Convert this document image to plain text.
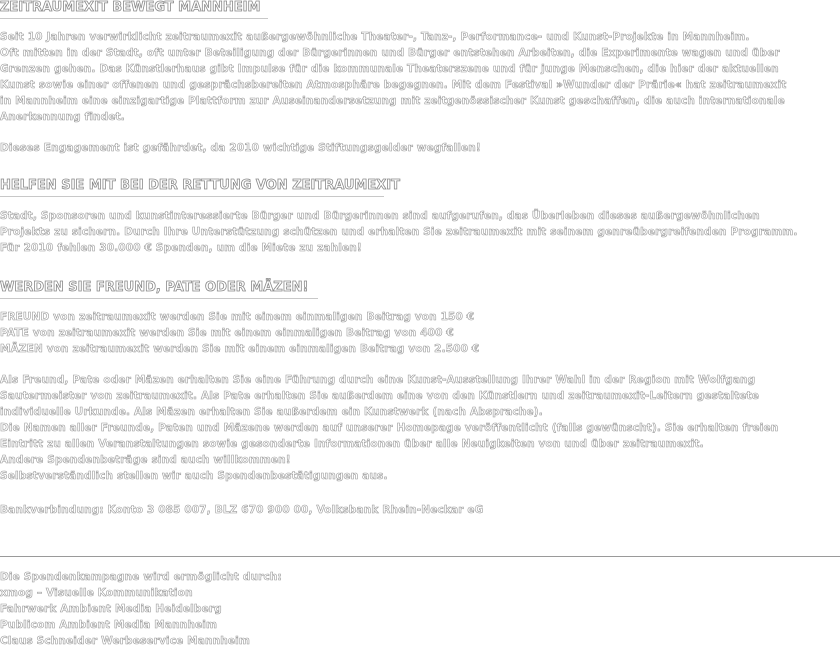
ZEITRAUMEXIT BEWEGT MANNHEIM

Seit 10 Jahren verwirklicht zeitraumexit außergewöhnliche Theater-, Tanz-, Performance- und Kunst-Projekte in Mannheim.

Oft mitten in der Stadt, oft unter Beteiligung der Bürgerinnen und Bürger entstehen Arbeiten, die Experimente wagen und über

Grenzen gehen. Das Künstlerhaus gibt Impulse für die kommunale Theaterszene und für junge Menschen, die hier der aktuellen

Kunst sowie einer offenen und gesprächsbereiten Atmosphäre begegnen. Mit dem Festival »Wunder der Prärie« hat zeitraumexit

in Mannheim eine einzigartige Plattform zur Auseinandersetzung mit zeitgenössischer Kunst geschaffen, die auch internationale

Anerkennung findet.

Dieses Engagement ist gefährdet, da 2010 wichtige Stiftungsgelder wegfallen!

HELFEN SIE MIT BEI DER RETTUNG VON ZEITRAUMEXIT

Stadt, Sponsoren und kunstinteressierte Bürger und Bürgerinnen sind aufgerufen, das Überleben dieses außergewöhnlichen

Projekts zu sichern. Durch Ihre Unterstützung schützen und erhalten Sie zeitraumexit mit seinem genreübergreifenden Programm.

Für 2010 fehlen 30.000 € Spenden, um die Miete zu zahlen!

WERDEN SIE FREUND, PATE ODER MÄZEN!

FREUND von zeitraumexit werden Sie mit einem einmaligen Beitrag von 150 €

PATE von zeitraumexit werden Sie mit einem einmaligen Beitrag von 400 €

MÄZEN von zeitraumexit werden Sie mit einem einmaligen Beitrag von 2.500 €

Als Freund, Pate oder Mäzen erhalten Sie eine Führung durch eine Kunst-Ausstellung Ihrer Wahl in der Region mit Wolfgang

Sautermeister von zeitraumexit. Als Pate erhalten Sie außerdem eine von den Künstlern und zeitraumexit-Leitern gestaltete

individuelle Urkunde. Als Mäzen erhalten Sie außerdem ein Kunstwerk (nach Absprache).

Die Namen aller Freunde, Paten und Mäzene werden auf unserer Homepage veröffentlicht (falls gewünscht). Sie erhalten freien

Eintritt zu allen Veranstaltungen sowie gesonderte Informationen über alle Neuigkeiten von und über zeitraumexit.

Andere Spendenbeträge sind auch willkommen!

Selbstverständlich stellen wir auch Spendenbestätigungen aus.

Bankverbindung: Konto 3 085 007, BLZ 670 900 00, Volksbank Rhein-Neckar eG

Die Spendenkampagne wird ermöglicht durch:

xmog – Visuelle Kommunikation

Fahrwerk Ambient Media Heidelberg

Publicom Ambient Media Mannheim

Claus Schneider Werbeservice Mannheim
